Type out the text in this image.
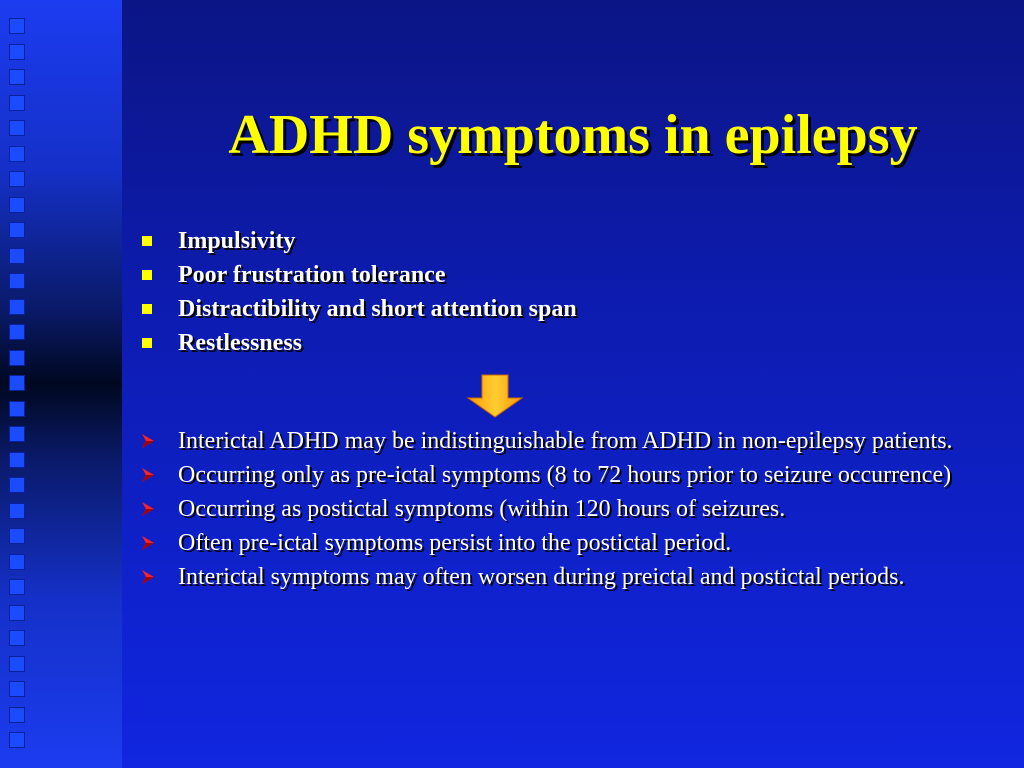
ADHD symptoms in epilepsy
Impulsivity
Poor frustration tolerance
Distractibility and short attention span
Restlessness
Interictal ADHD may be indistinguishable from ADHD in non-epilepsy patients.
Occurring only as pre-ictal symptoms (8 to 72 hours prior to seizure occurrence)
Occurring as postictal symptoms (within 120 hours of seizures.
Often pre-ictal symptoms persist into the postictal period.
Interictal symptoms may often worsen during preictal and postictal periods.
